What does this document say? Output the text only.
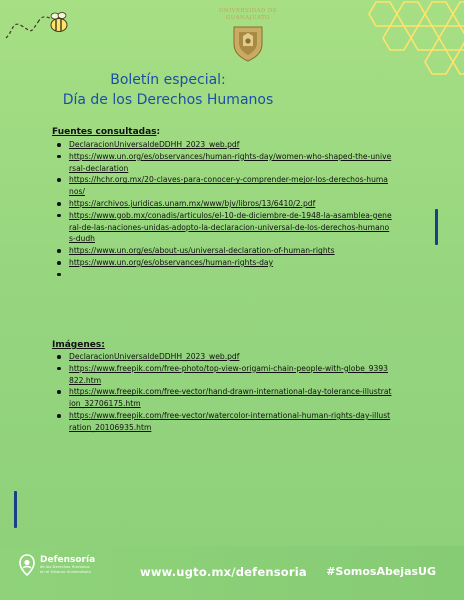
UNIVERSIDAD DE
GUANAJUATO
Boletín especial:
Día de los Derechos Humanos
Fuentes consultadas:
DeclaracionUniversaldeDDHH_2023_web.pdf
https://www.un.org/es/observances/human-rights-day/women-who-shaped-the-universal-declaration
https://hchr.org.mx/20-claves-para-conocer-y-comprender-mejor-los-derechos-humanos/
https://archivos.juridicas.unam.mx/www/bjv/libros/13/6410/2.pdf
https://www.gob.mx/conadis/articulos/el-10-de-diciembre-de-1948-la-asamblea-general-de-las-naciones-unidas-adopto-la-declaracion-universal-de-los-derechos-humanos-dudh
https://www.un.org/es/about-us/universal-declaration-of-human-rights
https://www.un.org/es/observances/human-rights-day

Imágenes:
DeclaracionUniversaldeDDHH_2023_web.pdf
https://www.freepik.com/free-photo/top-view-origami-chain-people-with-globe_9393822.htm
https://www.freepik.com/free-vector/hand-drawn-international-day-tolerance-illustration_32706175.htm
https://www.freepik.com/free-vector/watercolor-international-human-rights-day-illustration_20106935.htm
Defensoría
de los Derechos Humanos
en el Entorno Universitario	www.ugto.mx/defensoria #SomosAbejasUG
